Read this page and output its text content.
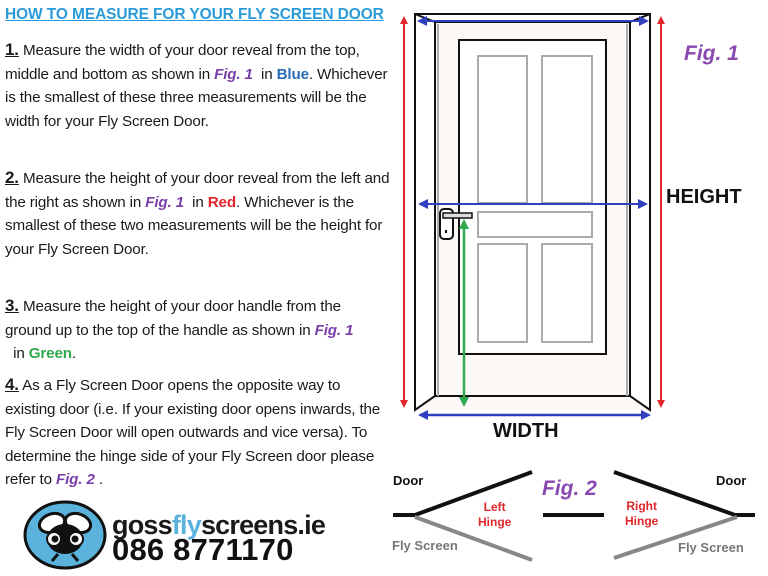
HOW TO MEASURE FOR YOUR FLY SCREEN DOOR
1. Measure the width of your door reveal from the top, middle and bottom as shown in Fig. 1  in Blue. Whichever is the smallest of these three measurements will be the width for your Fly Screen Door.
2. Measure the height of your door reveal from the left and the right as shown in Fig. 1  in Red. Whichever is the smallest of these two measurements will be the height for your Fly Screen Door.
3. Measure the height of your door handle from the ground up to the top of the handle as shown in Fig. 1  in Green.
4. As a Fly Screen Door opens the opposite way to existing door (i.e. If your existing door opens inwards, the Fly Screen Door will open outwards and vice versa). To determine the hinge side of your Fly Screen door please refer to Fig. 2 .
gossflyscreens.ie
086 8771170
Fig. 1
HEIGHT
WIDTH
Fig. 2
Door	Door
Fly Screen	Fly Screen
Left
Hinge
Right
Hinge
